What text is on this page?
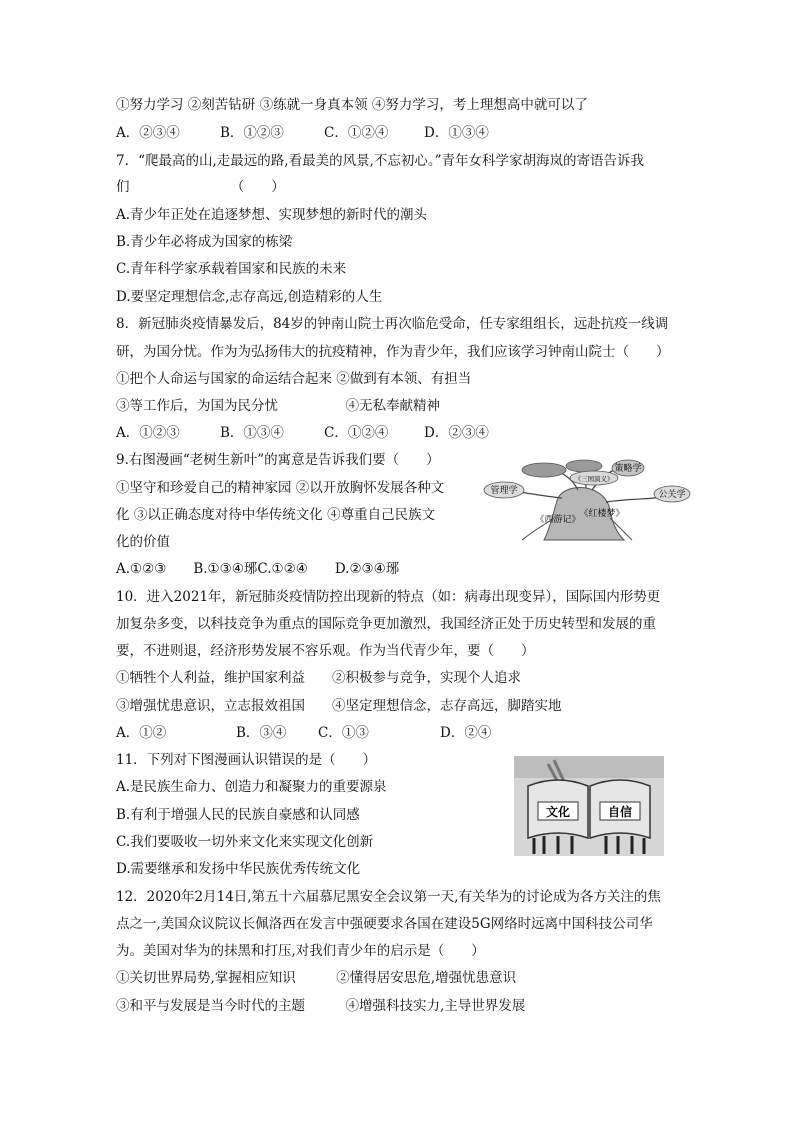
①努力学习 ②刻苦钻研 ③练就一身真本领 ④努力学习，考上理想高中就可以了
A．②③④	B．①②③	C．①②④	D．①③④
7．“爬最高的山,走最远的路,看最美的风景,不忘初心。”青年女科学家胡海岚的寄语告诉我
们　　　　　　　　（　　）
A.青少年正处在追逐梦想、实现梦想的新时代的潮头
B.青少年必将成为国家的栋梁
C.青年科学家承载着国家和民族的未来
D.要坚定理想信念,志存高远,创造精彩的人生
8．新冠肺炎疫情暴发后，84岁的钟南山院士再次临危受命，任专家组组长，远赴抗疫一线调
研，为国分忧。作为为弘扬伟大的抗疫精神，作为青少年，我们应该学习钟南山院士（　　）
①把个人命运与国家的命运结合起来 ②做到有本领、有担当
③等工作后，为国为民分忧　　　　　④无私奉献精神
A．①②③	B．①③④	C．①②④	D．②③④
9.右图漫画“老树生新叶”的寓意是告诉我们要（　　）
①坚守和珍爱自己的精神家园 ②以开放胸怀发展各种文
化 ③以正确态度对待中华传统文化 ④尊重自己民族文
化的价值
A.①②③　　B.①③④琊C.①②④　　D.②③④琊
管理学
策略学
《三国演义》
公关学
《西游记》
《红楼梦》
10．进入2021年，新冠肺炎疫情防控出现新的特点（如：病毒出现变异），国际国内形势更
加复杂多变，以科技竞争为重点的国际竞争更加激烈，我国经济正处于历史转型和发展的重
要，不进则退，经济形势发展不容乐观。作为当代青少年，要（　　）
①牺牲个人利益，维护国家利益　　②积极参与竞争，实现个人追求
③增强忧患意识，立志报效祖国　　④坚定理想信念，志存高远，脚踏实地
A．①②	B．③④ C．①③	D．②④
11．下列对下图漫画认识错误的是（　　）
A.是民族生命力、创造力和凝聚力的重要源泉
B.有利于增强人民的民族自豪感和认同感
C.我们要吸收一切外来文化来实现文化创新
D.需要继承和发扬中华民族优秀传统文化
文化	自信
12．2020年2月14日,第五十六届慕尼黑安全会议第一天,有关华为的讨论成为各方关注的焦
点之一,美国众议院议长佩洛西在发言中强硬要求各国在建设5G网络时远离中国科技公司华
为。美国对华为的抹黑和打压,对我们青少年的启示是（　　）
①关切世界局势,掌握相应知识　　　②懂得居安思危,增强忧患意识
③和平与发展是当今时代的主题　　　④增强科技实力,主导世界发展
